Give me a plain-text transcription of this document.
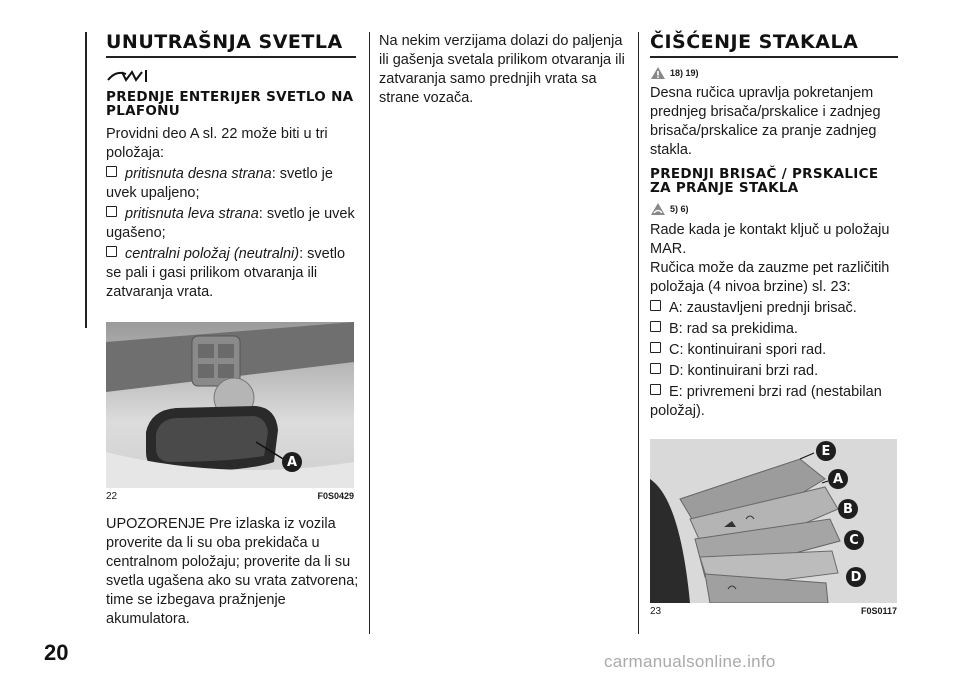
20
UNUTRAŠNJA SVETLA
PREDNJE ENTERIJER SVETLO NA PLAFONU

Providni deo A sl. 22 može biti u tri položaja:

pritisnuta desna strana: svetlo je uvek upaljeno;
pritisnuta leva strana: svetlo je uvek ugašeno;
centralni položaj (neutralni): svetlo se pali i gasi prilikom otvaranja ili zatvaranja vrata.
A
22	F0S0429

UPOZORENJE Pre izlaska iz vozila proverite da li su oba prekidača u centralnom položaju; proverite da li su svetla ugašena ako su vrata zatvorena; time se izbegava pražnjenje akumulatora.

Na nekim verzijama dolazi do paljenja ili gašenja svetala prilikom otvaranja ili zatvaranja samo prednjih vrata sa strane vozača.

ČIŠĆENJE STAKALA
18) 19)

Desna ručica upravlja pokretanjem prednjeg brisača/prskalice i zadnjeg brisača/prskalice za pranje zadnjeg stakla.

PREDNJI BRISAČ / PRSKALICE ZA PRANJE STAKLA
5) 6)

Rade kada je kontakt ključ u položaju MAR.

Ručica može da zauzme pet različitih položaja (4 nivoa brzine) sl. 23:

A: zaustavljeni prednji brisač.
B: rad sa prekidima.
C: kontinuirani spori rad.
D: kontinuirani brzi rad.
E: privremeni brzi rad (nestabilan položaj).
E
A
B
C
D
23	F0S0117
carmanualsonline.info
